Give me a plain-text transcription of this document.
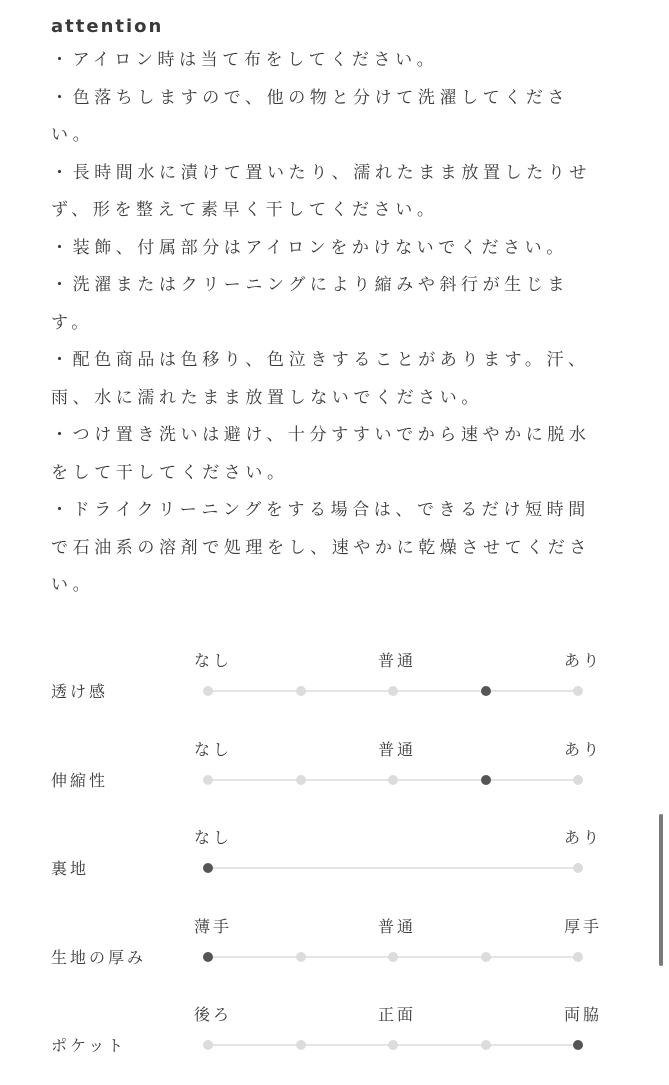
attention
・アイロン時は当て布をしてください。
・色落ちしますので、他の物と分けて洗濯してくださ
い。
・長時間水に漬けて置いたり、濡れたまま放置したりせ
ず、形を整えて素早く干してください。
・装飾、付属部分はアイロンをかけないでください。
・洗濯またはクリーニングにより縮みや斜行が生じま
す。
・配色商品は色移り、色泣きすることがあります。汗、
雨、水に濡れたまま放置しないでください。
・つけ置き洗いは避け、十分すすいでから速やかに脱水
をして干してください。
・ドライクリーニングをする場合は、できるだけ短時間
で石油系の溶剤で処理をし、速やかに乾燥させてくださ
い。
なし	普通	あり
透け感
なし	普通	あり
伸縮性
なし	あり
裏地
薄手	普通	厚手
生地の厚み
後ろ	正面	両脇
ポケット
